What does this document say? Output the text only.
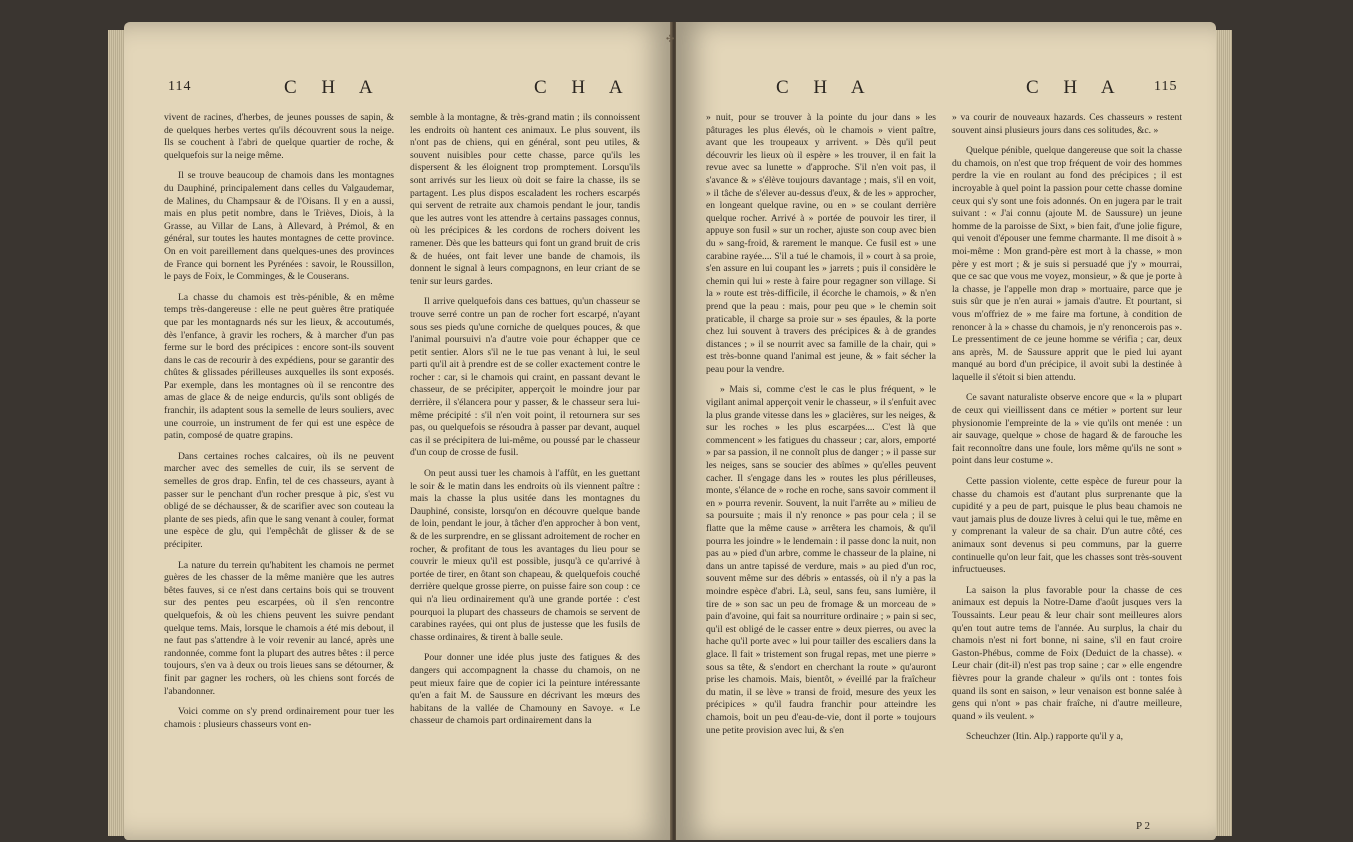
114	C H A	C H A

vivent de racines, d'herbes, de jeunes pousses de sapin, & de quelques herbes vertes qu'ils découvrent sous la neige. Ils se couchent à l'abri de quelque quartier de roche, & quelquefois sur la neige même.

Il se trouve beaucoup de chamois dans les montagnes du Dauphiné, principalement dans celles du Valgaudemar, de Malines, du Champsaur & de l'Oisans. Il y en a aussi, mais en plus petit nombre, dans le Trièves, Diois, à la Grasse, au Villar de Lans, à Allevard, à Prémol, & en général, sur toutes les hautes montagnes de cette province. On en voit pareillement dans quelques-unes des provinces de France qui bornent les Pyrénées : savoir, le Roussillon, le pays de Foix, le Comminges, & le Couserans.

La chasse du chamois est très-pénible, & en même temps très-dangereuse : elle ne peut guères être pratiquée que par les montagnards nés sur les lieux, & accoutumés, dès l'enfance, à gravir les rochers, & à marcher d'un pas ferme sur le bord des précipices : encore sont-ils souvent dans le cas de recourir à des expédiens, pour se garantir des chûtes & glissades périlleuses auxquelles ils sont exposés. Par exemple, dans les montagnes où il se rencontre des amas de glace & de neige endurcis, qu'ils sont obligés de franchir, ils adaptent sous la semelle de leurs souliers, avec une courroie, un instrument de fer qui est une espèce de patin, composé de quatre grapins.

Dans certaines roches calcaires, où ils ne peuvent marcher avec des semelles de cuir, ils se servent de semelles de gros drap. Enfin, tel de ces chasseurs, ayant à passer sur le penchant d'un rocher presque à pic, s'est vu obligé de se déchausser, & de scarifier avec son couteau la plante de ses pieds, afin que le sang venant à couler, format une espèce de glu, qui l'empêchât de glisser & de se précipiter.

La nature du terrein qu'habitent les chamois ne permet guères de les chasser de la même manière que les autres bêtes fauves, si ce n'est dans certains bois qui se trouvent sur des pentes peu escarpées, où il s'en rencontre quelquefois, & où les chiens peuvent les suivre pendant quelque tems. Mais, lorsque le chamois a été mis debout, il ne faut pas s'attendre à le voir revenir au lancé, après une randonnée, comme font la plupart des autres bêtes : il perce toujours, s'en va à deux ou trois lieues sans se détourner, & finit par gagner les rochers, où les chiens sont forcés de l'abandonner.

Voici comme on s'y prend ordinairement pour tuer les chamois : plusieurs chasseurs vont en-

semble à la montagne, & très-grand matin ; ils connoissent les endroits où hantent ces animaux. Le plus souvent, ils n'ont pas de chiens, qui en général, sont peu utiles, & souvent nuisibles pour cette chasse, parce qu'ils les dispersent & les éloignent trop promptement. Lorsqu'ils sont arrivés sur les lieux où doit se faire la chasse, ils se partagent. Les plus dispos escaladent les rochers escarpés qui servent de retraite aux chamois pendant le jour, tandis que les autres vont les attendre à certains passages connus, où les précipices & les cordons de rochers doivent les ramener. Dès que les batteurs qui font un grand bruit de cris & de huées, ont fait lever une bande de chamois, ils donnent le signal à leurs compagnons, en leur criant de se tenir sur leurs gardes.

Il arrive quelquefois dans ces battues, qu'un chasseur se trouve serré contre un pan de rocher fort escarpé, n'ayant sous ses pieds qu'une corniche de quelques pouces, & que l'animal poursuivi n'a d'autre voie pour échapper que ce petit sentier. Alors s'il ne le tue pas venant à lui, le seul parti qu'il ait à prendre est de se coller exactement contre le rocher : car, si le chamois qui craint, en passant devant le chasseur, de se précipiter, apperçoit le moindre jour par derrière, il s'élancera pour y passer, & le chasseur sera lui-même précipité : s'il n'en voit point, il retournera sur ses pas, ou quelquefois se résoudra à passer par devant, auquel cas il se précipitera de lui-même, ou poussé par le chasseur d'un coup de crosse de fusil.

On peut aussi tuer les chamois à l'affût, en les guettant le soir & le matin dans les endroits où ils viennent paître : mais la chasse la plus usitée dans les montagnes du Dauphiné, consiste, lorsqu'on en découvre quelque bande de loin, pendant le jour, à tâcher d'en approcher à bon vent, & de les surprendre, en se glissant adroitement de rocher en rocher, & profitant de tous les avantages du lieu pour se couvrir le mieux qu'il est possible, jusqu'à ce qu'arrivé à portée de tirer, en ôtant son chapeau, & quelquefois couché derrière quelque grosse pierre, on puisse faire son coup : ce qui n'a lieu ordinairement qu'à une grande portée : c'est pourquoi la plupart des chasseurs de chamois se servent de carabines rayées, qui ont plus de justesse que les fusils de chasse ordinaires, & tirent à balle seule.

Pour donner une idée plus juste des fatigues & des dangers qui accompagnent la chasse du chamois, on ne peut mieux faire que de copier ici la peinture intéressante qu'en a fait M. de Saussure en décrivant les mœurs des habitans de la vallée de Chamouny en Savoye. « Le chasseur de chamois part ordinairement dans la

✣
C H A	C H A 115

» nuit, pour se trouver à la pointe du jour dans » les pâturages les plus élevés, où le chamois » vient paître, avant que les troupeaux y arrivent. » Dès qu'il peut découvrir les lieux où il espère » les trouver, il en fait la revue avec sa lunette » d'approche. S'il n'en voit pas, il s'avance & » s'élève toujours davantage ; mais, s'il en voit, » il tâche de s'élever au-dessus d'eux, & de les » approcher, en longeant quelque ravine, ou en » se coulant derrière quelque rocher. Arrivé à » portée de pouvoir les tirer, il appuye son fusil » sur un rocher, ajuste son coup avec bien du » sang-froid, & rarement le manque. Ce fusil est » une carabine rayée.... S'il a tué le chamois, il » court à sa proie, s'en assure en lui coupant les » jarrets ; puis il considère le chemin qui lui » reste à faire pour regagner son village. Si la » route est très-difficile, il écorche le chamois, » & n'en prend que la peau : mais, pour peu que » le chemin soit praticable, il charge sa proie sur » ses épaules, & la porte chez lui souvent à travers des précipices & à de grandes distances ; » il se nourrit avec sa famille de la chair, qui » est très-bonne quand l'animal est jeune, & » fait sécher la peau pour la vendre.

» Mais si, comme c'est le cas le plus fréquent, » le vigilant animal apperçoit venir le chasseur, » il s'enfuit avec la plus grande vitesse dans les » glacières, sur les neiges, & sur les roches » les plus escarpées.... C'est là que commencent » les fatigues du chasseur ; car, alors, emporté » par sa passion, il ne connoît plus de danger ; » il passe sur les neiges, sans se soucier des abîmes » qu'elles peuvent cacher. Il s'engage dans les » routes les plus périlleuses, monte, s'élance de » roche en roche, sans savoir comment il en » pourra revenir. Souvent, la nuit l'arrête au » milieu de sa poursuite ; mais il n'y renonce » pas pour cela ; il se flatte que la même cause » arrêtera les chamois, & qu'il pourra les joindre » le lendemain : il passe donc la nuit, non pas au » pied d'un arbre, comme le chasseur de la plaine, ni dans un antre tapissé de verdure, mais » au pied d'un roc, souvent même sur des débris » entassés, où il n'y a pas la moindre espèce d'abri. Là, seul, sans feu, sans lumière, il tire de » son sac un peu de fromage & un morceau de » pain d'avoine, qui fait sa nourriture ordinaire ; » pain si sec, qu'il est obligé de le casser entre » deux pierres, ou avec la hache qu'il porte avec » lui pour tailler des escaliers dans la glace. Il fait » tristement son frugal repas, met une pierre » sous sa tête, & s'endort en cherchant la route » qu'auront prise les chamois. Mais, bientôt, » éveillé par la fraîcheur du matin, il se lève » transi de froid, mesure des yeux les précipices » qu'il faudra franchir pour atteindre les chamois, boit un peu d'eau-de-vie, dont il porte » toujours une petite provision avec lui, & s'en

» va courir de nouveaux hazards. Ces chasseurs » restent souvent ainsi plusieurs jours dans ces solitudes, &c. »

Quelque pénible, quelque dangereuse que soit la chasse du chamois, on n'est que trop fréquent de voir des hommes perdre la vie en roulant au fond des précipices ; il est incroyable à quel point la passion pour cette chasse domine ceux qui s'y sont une fois adonnés. On en jugera par le trait suivant : « J'ai connu (ajoute M. de Saussure) un jeune homme de la paroisse de Sixt, » bien fait, d'une jolie figure, qui venoit d'épouser une femme charmante. Il me disoit à » moi-même : Mon grand-père est mort à la chasse, » mon père y est mort ; & je suis si persuadé que j'y » mourrai, que ce sac que vous me voyez, monsieur, » & que je porte à la chasse, je l'appelle mon drap » mortuaire, parce que je suis sûr que je n'en aurai » jamais d'autre. Et pourtant, si vous m'offriez de » me faire ma fortune, à condition de renoncer à la » chasse du chamois, je n'y renoncerois pas ». Le pressentiment de ce jeune homme se vérifia ; car, deux ans après, M. de Saussure apprit que le pied lui ayant manqué au bord d'un précipice, il avoit subi la destinée à laquelle il s'étoit si bien attendu.

Ce savant naturaliste observe encore que « la » plupart de ceux qui vieillissent dans ce métier » portent sur leur physionomie l'empreinte de la » vie qu'ils ont menée : un air sauvage, quelque » chose de hagard & de farouche les fait reconnoître dans une foule, lors même qu'ils ne sont » point dans leur costume ».

Cette passion violente, cette espèce de fureur pour la chasse du chamois est d'autant plus surprenante que la cupidité y a peu de part, puisque le plus beau chamois ne vaut jamais plus de douze livres à celui qui le tue, même en y comprenant la valeur de sa chair. D'un autre côté, ces animaux sont devenus si peu communs, par la guerre continuelle qu'on leur fait, que les chasses sont très-souvent infructueuses.

La saison la plus favorable pour la chasse de ces animaux est depuis la Notre-Dame d'août jusques vers la Toussaints. Leur peau & leur chair sont meilleures alors qu'en tout autre tems de l'année. Au surplus, la chair du chamois n'est ni fort bonne, ni saine, s'il en faut croire Gaston-Phébus, comme de Foix (Deduict de la chasse). « Leur chair (dit-il) n'est pas trop saine ; car » elle engendre fièvres pour la grande chaleur » qu'ils ont : tontes fois quand ils sont en saison, » leur venaison est bonne salée à gens qui n'ont » pas chair fraîche, ni d'autre meilleure, quand » ils veulent. »

Scheuchzer (Itin. Alp.) rapporte qu'il y a,

P 2
